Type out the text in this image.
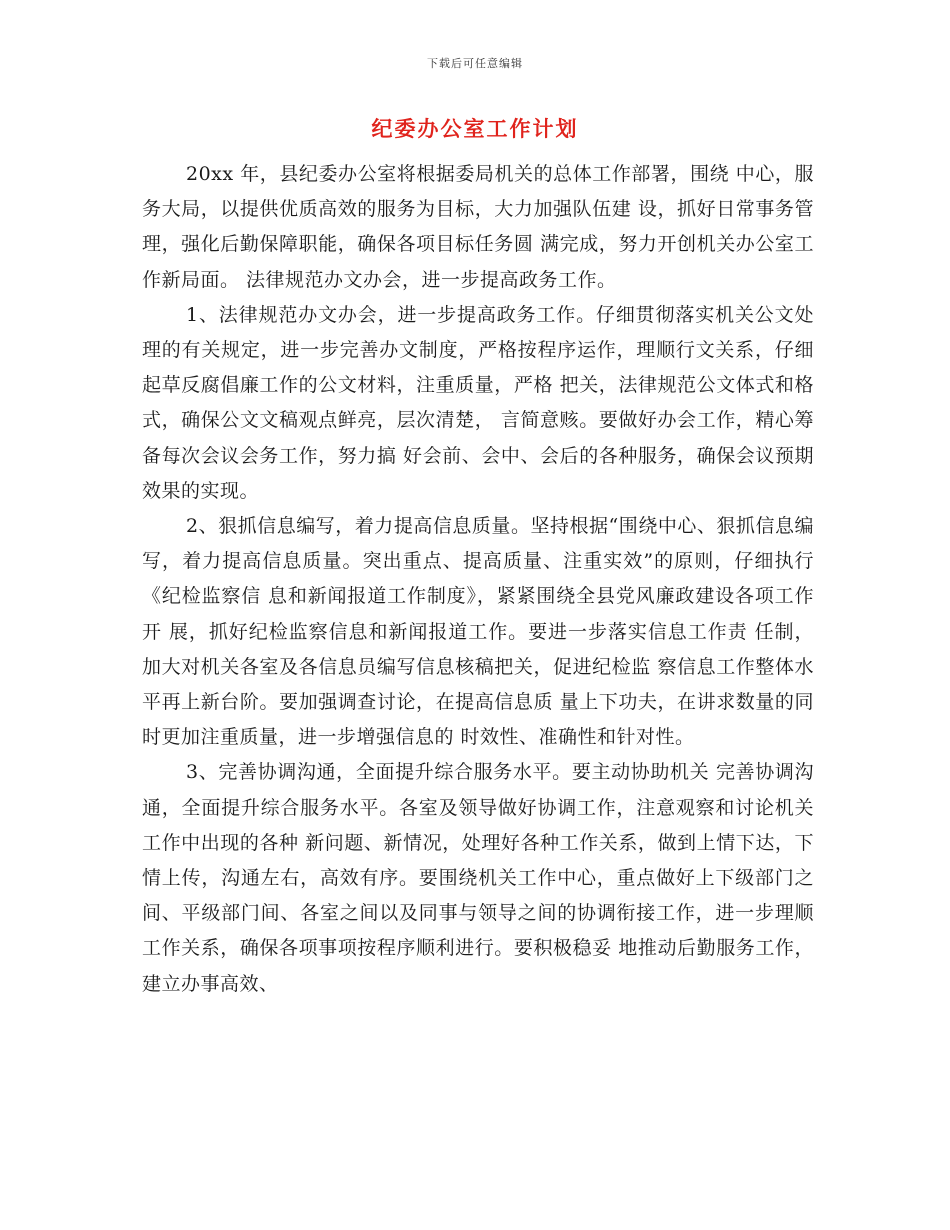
下载后可任意编辑
纪委办公室工作计划

20xx 年，县纪委办公室将根据委局机关的总体工作部署，围绕 中心，服务大局，以提供优质高效的服务为目标，大力加强队伍建 设，抓好日常事务管理，强化后勤保障职能，确保各项目标任务圆 满完成，努力开创机关办公室工作新局面。 法律规范办文办会，进一步提高政务工作。

1、法律规范办文办会，进一步提高政务工作。仔细贯彻落实机关公文处理的有关规定，进一步完善办文制度，严格按程序运作，理顺行文关系，仔细起草反腐倡廉工作的公文材料，注重质量，严格 把关，法律规范公文体式和格式，确保公文文稿观点鲜亮，层次清楚， 言简意赅。要做好办会工作，精心筹备每次会议会务工作，努力搞 好会前、会中、会后的各种服务，确保会议预期效果的实现。

2、狠抓信息编写，着力提高信息质量。坚持根据“围绕中心、狠抓信息编写，着力提高信息质量。突出重点、提高质量、注重实效”的原则，仔细执行《纪检监察信 息和新闻报道工作制度》，紧紧围绕全县党风廉政建设各项工作开 展，抓好纪检监察信息和新闻报道工作。要进一步落实信息工作责 任制，加大对机关各室及各信息员编写信息核稿把关，促进纪检监 察信息工作整体水平再上新台阶。要加强调查讨论，在提高信息质 量上下功夫，在讲求数量的同时更加注重质量，进一步增强信息的 时效性、准确性和针对性。

3、完善协调沟通，全面提升综合服务水平。要主动协助机关 完善协调沟通，全面提升综合服务水平。各室及领导做好协调工作，注意观察和讨论机关工作中出现的各种 新问题、新情况，处理好各种工作关系，做到上情下达，下情上传，沟通左右，高效有序。要围绕机关工作中心，重点做好上下级部门之间、平级部门间、各室之间以及同事与领导之间的协调衔接工作，进一步理顺工作关系，确保各项事项按程序顺利进行。要积极稳妥 地推动后勤服务工作，建立办事高效、
